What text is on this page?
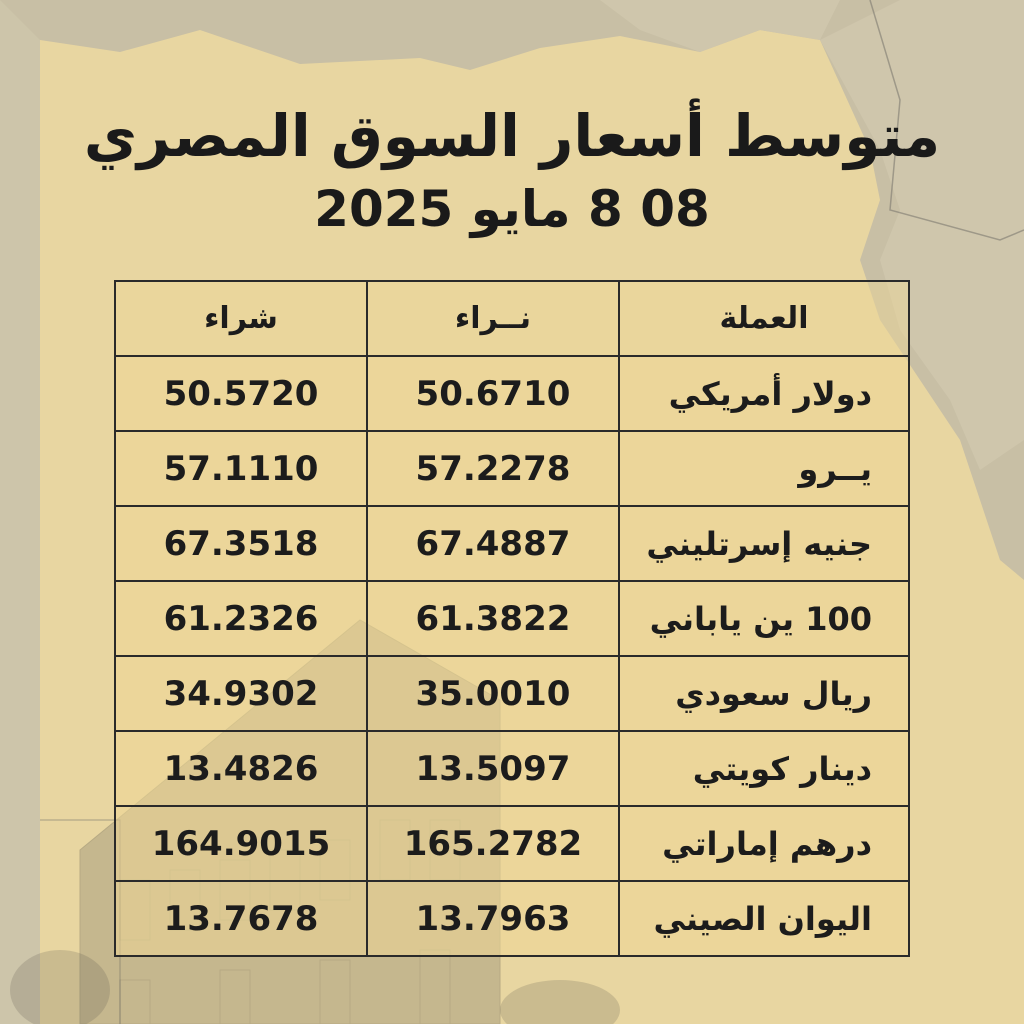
متوسط أسعار السوق المصري
08 8 مايو 2025
العملة	نــراء	شراء
دولار أمريكي	50.6710	50.5720
يــرو	57.2278	57.1110
جنيه إسرتليني	67.4887	67.3518
100 ين ياباني	61.3822	61.2326
ريال سعودي	35.0010	34.9302
دينار كويتي	13.5097	13.4826
درهم إماراتي	165.2782	164.9015
اليوان الصيني	13.7963	13.7678
